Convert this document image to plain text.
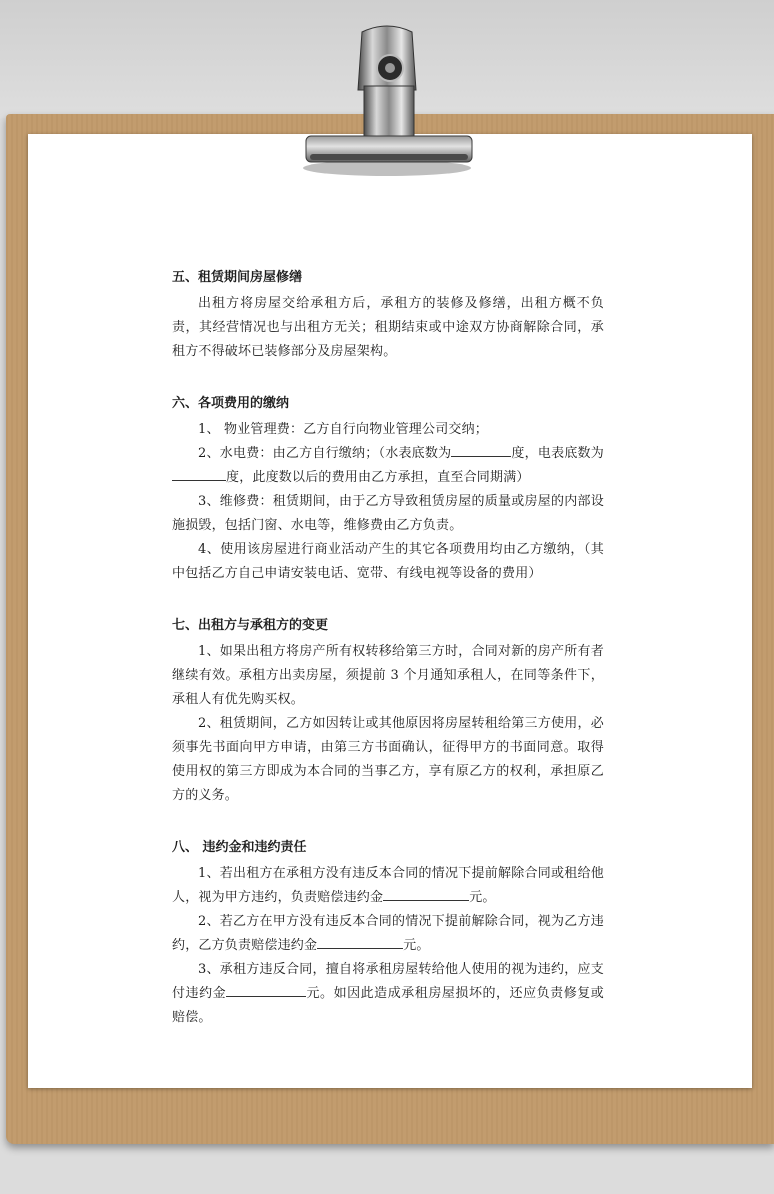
五、租赁期间房屋修缮

出租方将房屋交给承租方后，承租方的装修及修缮，出租方概不负责，其经营情况也与出租方无关；租期结束或中途双方协商解除合同，承租方不得破坏已装修部分及房屋架构。

六、各项费用的缴纳

1、 物业管理费：乙方自行向物业管理公司交纳；

2、水电费：由乙方自行缴纳；（水表底数为	度，电表底数为度，此度数以后的费用由乙方承担，直至合同期满）

3、维修费：租赁期间，由于乙方导致租赁房屋的质量或房屋的内部设施损毁，包括门窗、水电等，维修费由乙方负责。

4、使用该房屋进行商业活动产生的其它各项费用均由乙方缴纳，（其中包括乙方自己申请安装电话、宽带、有线电视等设备的费用）

七、出租方与承租方的变更

1、如果出租方将房产所有权转移给第三方时，合同对新的房产所有者继续有效。承租方出卖房屋，须提前 3 个月通知承租人，在同等条件下，承租人有优先购买权。

2、租赁期间，乙方如因转让或其他原因将房屋转租给第三方使用，必须事先书面向甲方申请，由第三方书面确认，征得甲方的书面同意。取得使用权的第三方即成为本合同的当事乙方，享有原乙方的权利，承担原乙方的义务。

八、 违约金和违约责任

1、若出租方在承租方没有违反本合同的情况下提前解除合同或租给他人，视为甲方违约，负责赔偿违约金	元。

2、若乙方在甲方没有违反本合同的情况下提前解除合同，视为乙方违约，乙方负责赔偿违约金	元。

3、承租方违反合同，擅自将承租房屋转给他人使用的视为违约，应支付违约金	元。如因此造成承租房屋损坏的，还应负责修复或赔偿。
